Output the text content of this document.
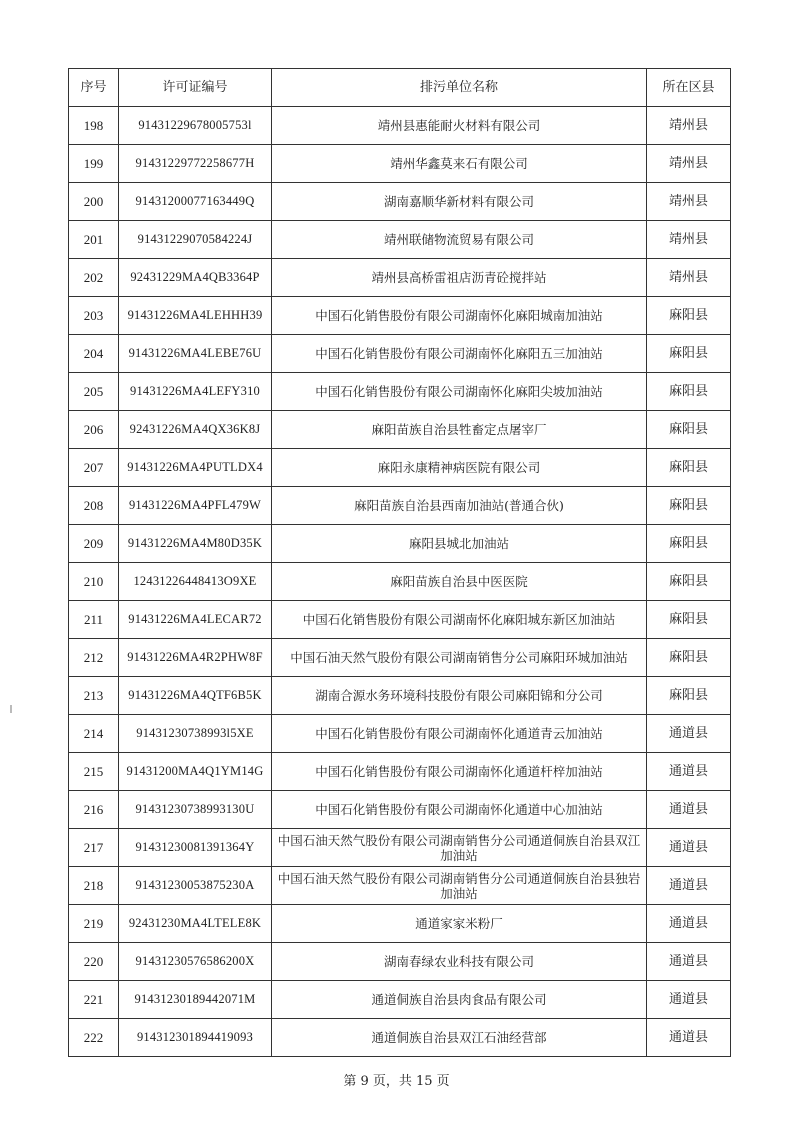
序号	许可证编号	排污单位名称	所在区县
198	91431229678005753l	靖州县惠能耐火材料有限公司	靖州县
199	91431229772258677H	靖州华鑫莫来石有限公司	靖州县
200	91431200077163449Q	湖南嘉顺华新材料有限公司	靖州县
201	91431229070584224J	靖州联储物流贸易有限公司	靖州县
202	92431229MA4QB3364P	靖州县高桥雷祖店沥青砼搅拌站	靖州县
203	91431226MA4LEHHH39	中国石化销售股份有限公司湖南怀化麻阳城南加油站	麻阳县
204	91431226MA4LEBE76U	中国石化销售股份有限公司湖南怀化麻阳五三加油站	麻阳县
205	91431226MA4LEFY310	中国石化销售股份有限公司湖南怀化麻阳尖坡加油站	麻阳县
206	92431226MA4QX36K8J	麻阳苗族自治县牲畜定点屠宰厂	麻阳县
207	91431226MA4PUTLDX4	麻阳永康精神病医院有限公司	麻阳县
208	91431226MA4PFL479W	麻阳苗族自治县西南加油站(普通合伙)	麻阳县
209	91431226MA4M80D35K	麻阳县城北加油站	麻阳县
210	12431226448413O9XE	麻阳苗族自治县中医医院	麻阳县
211	91431226MA4LECAR72	中国石化销售股份有限公司湖南怀化麻阳城东新区加油站	麻阳县
212	91431226MA4R2PHW8F	中国石油天然气股份有限公司湖南销售分公司麻阳环城加油站	麻阳县
213	91431226MA4QTF6B5K	湖南合源水务环境科技股份有限公司麻阳锦和分公司	麻阳县
214	91431230738993l5XE	中国石化销售股份有限公司湖南怀化通道青云加油站	通道县
215	91431200MA4Q1YM14G	中国石化销售股份有限公司湖南怀化通道杆梓加油站	通道县
216	91431230738993130U	中国石化销售股份有限公司湖南怀化通道中心加油站	通道县
217	91431230081391364Y	中国石油天然气股份有限公司湖南销售分公司通道侗族自治县双江加油站	通道县
218	91431230053875230A	中国石油天然气股份有限公司湖南销售分公司通道侗族自治县独岩加油站	通道县
219	92431230MA4LTELE8K	通道家家米粉厂	通道县
220	91431230576586200X	湖南春绿农业科技有限公司	通道县
221	91431230189442071M	通道侗族自治县肉食品有限公司	通道县
222	91431230189441909З	通道侗族自治县双江石油经营部	通道县
第 9 页，共 15 页
